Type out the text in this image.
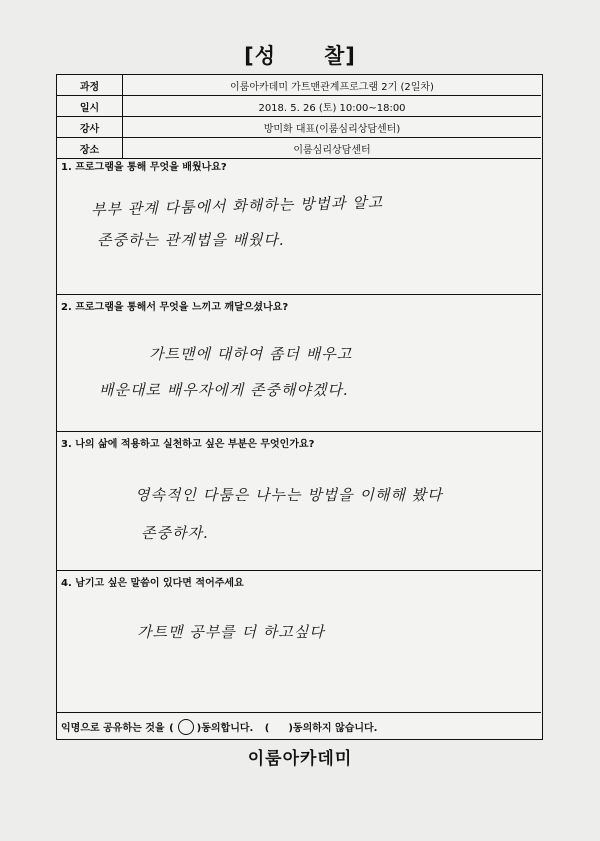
[성 찰]
과정	이룸아카데미 가트맨관계프로그램 2기 (2일차)
일시	2018. 5. 26 (토) 10:00~18:00
강사	방미화 대표(이룸심리상담센터)
장소	이룸심리상담센터
1. 프로그램을 통해 무엇을 배웠나요?
부부 관계 다툼에서 화해하는 방법과 알고
존중하는 관계법을 배웠다.
2. 프로그램을 통해서 무엇을 느끼고 깨달으셨나요?
가트맨에 대하여 좀더 배우고
배운대로 배우자에게 존중해야겠다.
3. 나의 삶에 적용하고 실천하고 싶은 부분은 무엇인가요?
영속적인 다툼은 나누는 방법을 이해해 봤다
존중하자.
4. 남기고 싶은 말씀이 있다면 적어주세요
가트맨 공부를 더 하고싶다
익명으로 공유하는 것을 ( ○ )동의합니다. ( )동의하지 않습니다.
이룸아카데미
